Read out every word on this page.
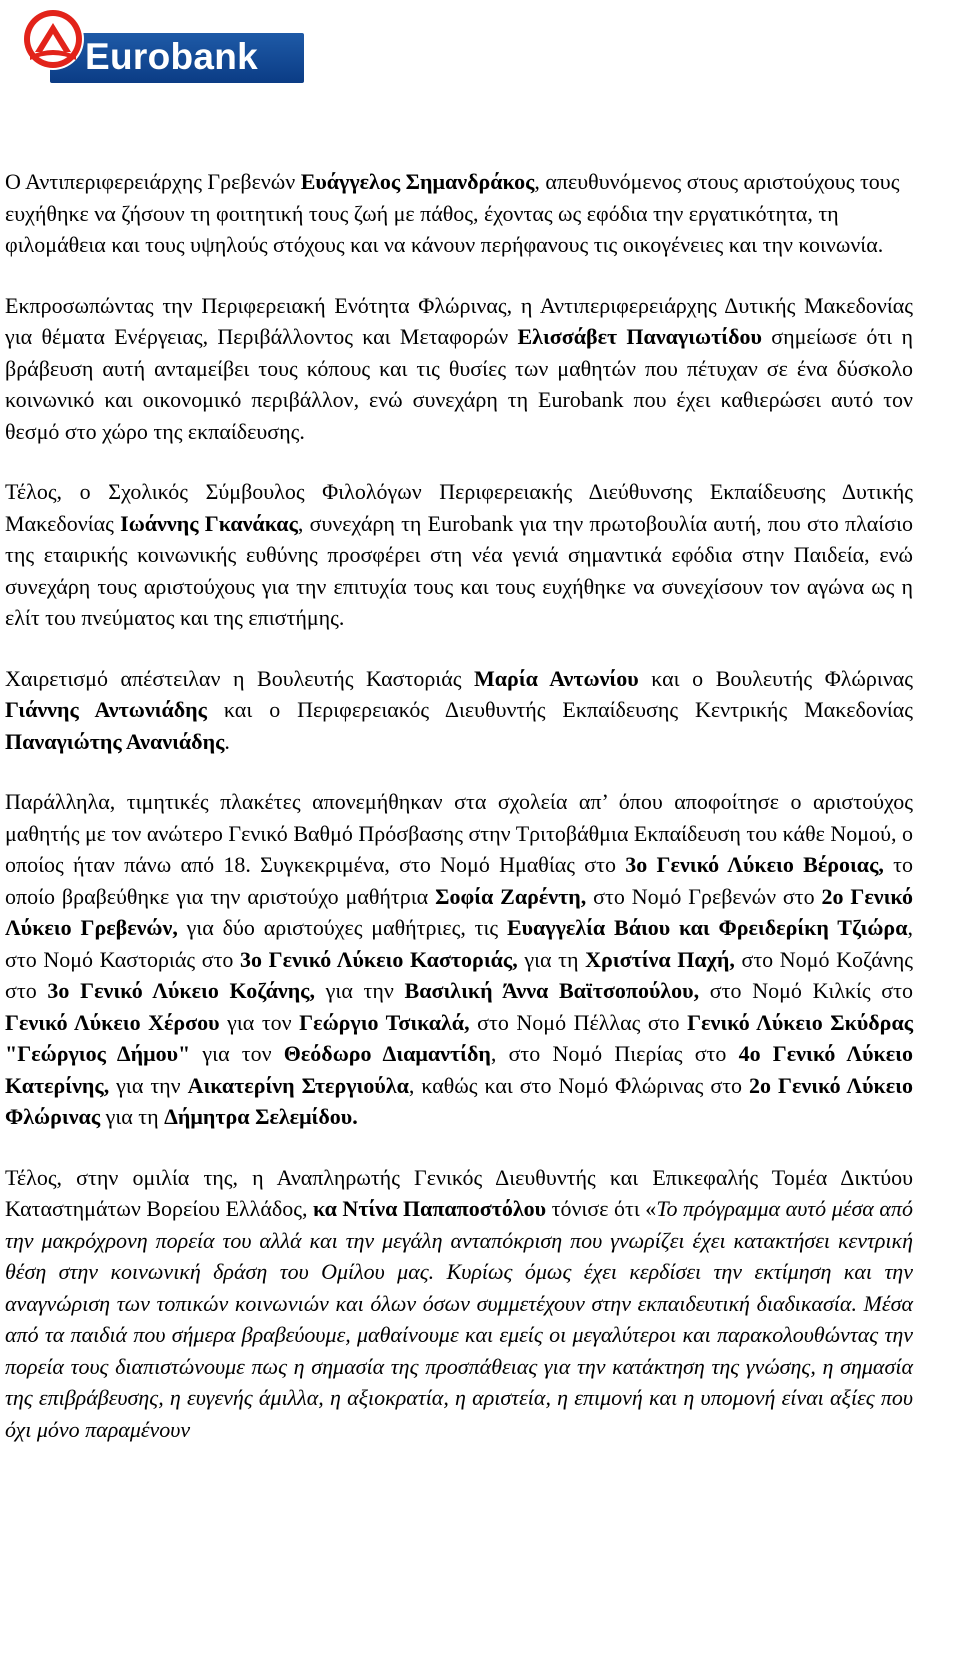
Eurobank

Ο Αντιπεριφερειάρχης Γρεβενών Ευάγγελος Σημανδράκος, απευθυνόμενος στους αριστούχους τους ευχήθηκε να ζήσουν τη φοιτητική τους ζωή με πάθος, έχοντας ως εφόδια την εργατικότητα, τη φιλομάθεια και τους υψηλούς στόχους και να κάνουν περήφανους τις οικογένειες και την κοινωνία.

Εκπροσωπώντας την Περιφερειακή Ενότητα Φλώρινας, η Αντιπεριφερειάρχης Δυτικής Μακεδονίας για θέματα Ενέργειας, Περιβάλλοντος και Μεταφορών Ελισσάβετ Παναγιωτίδου σημείωσε ότι η βράβευση αυτή ανταμείβει τους κόπους και τις θυσίες των μαθητών που πέτυχαν σε ένα δύσκολο κοινωνικό και οικονομικό περιβάλλον, ενώ συνεχάρη τη Eurobank που έχει καθιερώσει αυτό τον θεσμό στο χώρο της εκπαίδευσης.

Τέλος, ο Σχολικός Σύμβουλος Φιλολόγων Περιφερειακής Διεύθυνσης Εκπαίδευσης Δυτικής Μακεδονίας Ιωάννης Γκανάκας, συνεχάρη τη Eurobank για την πρωτοβουλία αυτή, που στο πλαίσιο της εταιρικής κοινωνικής ευθύνης προσφέρει στη νέα γενιά σημαντικά εφόδια στην Παιδεία, ενώ συνεχάρη τους αριστούχους για την επιτυχία τους και τους ευχήθηκε να συνεχίσουν τον αγώνα ως η ελίτ του πνεύματος και της επιστήμης.

Χαιρετισμό απέστειλαν η Βουλευτής Καστοριάς Μαρία Αντωνίου και ο Βουλευτής Φλώρινας Γιάννης Αντωνιάδης και ο Περιφερειακός Διευθυντής Εκπαίδευσης Κεντρικής Μακεδονίας Παναγιώτης Ανανιάδης.

Παράλληλα, τιμητικές πλακέτες απονεμήθηκαν στα σχολεία απ’ όπου αποφοίτησε ο αριστούχος μαθητής με τον ανώτερο Γενικό Βαθμό Πρόσβασης στην Τριτοβάθμια Εκπαίδευση του κάθε Νομού, ο οποίος ήταν πάνω από 18. Συγκεκριμένα, στο Νομό Ημαθίας στο 3ο Γενικό Λύκειο Βέροιας, το οποίο βραβεύθηκε για την αριστούχο μαθήτρια Σοφία Ζαρέντη, στο Νομό Γρεβενών στο 2ο Γενικό Λύκειο Γρεβενών, για δύο αριστούχες μαθήτριες, τις Ευαγγελία Βάιου και Φρειδερίκη Τζιώρα, στο Νομό Καστοριάς στο 3ο Γενικό Λύκειο Καστοριάς, για τη Χριστίνα Παχή, στο Νομό Κοζάνης στο 3ο Γενικό Λύκειο Κοζάνης, για την Βασιλική Άννα Βαϊτσοπούλου, στο Νομό Κιλκίς στο Γενικό Λύκειο Χέρσου για τον Γεώργιο Τσικαλά, στο Νομό Πέλλας στο Γενικό Λύκειο Σκύδρας "Γεώργιος Δήμου" για τον Θεόδωρο Διαμαντίδη, στο Νομό Πιερίας στο 4ο Γενικό Λύκειο Κατερίνης, για την Αικατερίνη Στεργιούλα, καθώς και στο Νομό Φλώρινας στο 2ο Γενικό Λύκειο Φλώρινας για τη Δήμητρα Σελεμίδου.

Τέλος, στην ομιλία της, η Αναπληρωτής Γενικός Διευθυντής και Επικεφαλής Τομέα Δικτύου Καταστημάτων Βορείου Ελλάδος, κα Ντίνα Παπαποστόλου τόνισε ότι «Το πρόγραμμα αυτό μέσα από την μακρόχρονη πορεία του αλλά και την μεγάλη ανταπόκριση που γνωρίζει έχει κατακτήσει κεντρική θέση στην κοινωνική δράση του Ομίλου μας. Κυρίως όμως έχει κερδίσει την εκτίμηση και την αναγνώριση των τοπικών κοινωνιών και όλων όσων συμμετέχουν στην εκπαιδευτική διαδικασία. Μέσα από τα παιδιά που σήμερα βραβεύουμε, μαθαίνουμε και εμείς οι μεγαλύτεροι και παρακολουθώντας την πορεία τους διαπιστώνουμε πως η σημασία της προσπάθειας για την κατάκτηση της γνώσης, η σημασία της επιβράβευσης, η ευγενής άμιλλα, η αξιοκρατία, η αριστεία, η επιμονή και η υπομονή είναι αξίες που όχι μόνο παραμένουν
